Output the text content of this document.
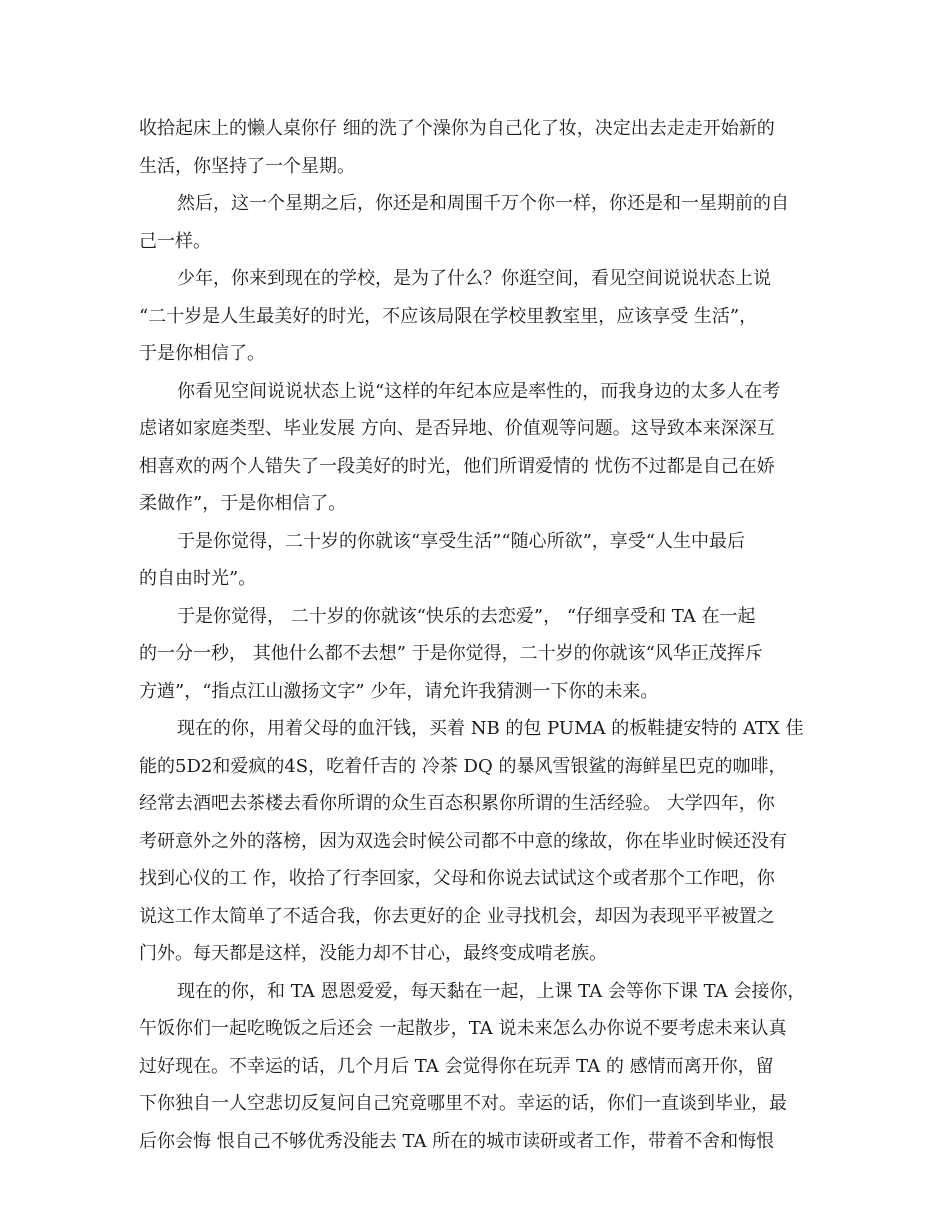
收拾起床上的懒人桌你仔 细的洗了个澡你为自己化了妆，决定出去走走开始新的
生活，你坚持了一个星期。
然后，这一个星期之后，你还是和周围千万个你一样，你还是和一星期前的自
己一样。
少年，你来到现在的学校，是为了什么？你逛空间，看见空间说说状态上说
“二十岁是人生最美好的时光，不应该局限在学校里教室里，应该享受 生活”，
于是你相信了。
你看见空间说说状态上说“这样的年纪本应是率性的，而我身边的太多人在考
虑诸如家庭类型、毕业发展 方向、是否异地、价值观等问题。这导致本来深深互
相喜欢的两个人错失了一段美好的时光，他们所谓爱情的 忧伤不过都是自己在娇
柔做作”，于是你相信了。
于是你觉得，二十岁的你就该“享受生活”“随心所欲”，享受“人生中最后
的自由时光”。
于是你觉得， 二十岁的你就该“快乐的去恋爱”， “仔细享受和 TA 在一起
的一分一秒， 其他什么都不去想” 于是你觉得，二十岁的你就该“风华正茂挥斥
方遒”，“指点江山激扬文字” 少年，请允许我猜测一下你的未来。
现在的你，用着父母的血汗钱，买着 NB 的包 PUMA 的板鞋捷安特的 ATX 佳
能的5D2和爱疯的4S，吃着仟吉的 冷茶 DQ 的暴风雪银鲨的海鲜星巴克的咖啡，
经常去酒吧去茶楼去看你所谓的众生百态积累你所谓的生活经验。 大学四年，你
考研意外之外的落榜，因为双选会时候公司都不中意的缘故，你在毕业时候还没有
找到心仪的工 作，收拾了行李回家，父母和你说去试试这个或者那个工作吧，你
说这工作太简单了不适合我，你去更好的企 业寻找机会，却因为表现平平被置之
门外。每天都是这样，没能力却不甘心，最终变成啃老族。
现在的你，和 TA 恩恩爱爱，每天黏在一起，上课 TA 会等你下课 TA 会接你，
午饭你们一起吃晚饭之后还会 一起散步，TA 说未来怎么办你说不要考虑未来认真
过好现在。不幸运的话，几个月后 TA 会觉得你在玩弄 TA 的 感情而离开你，留
下你独自一人空悲切反复问自己究竟哪里不对。幸运的话，你们一直谈到毕业，最
后你会悔 恨自己不够优秀没能去 TA 所在的城市读研或者工作，带着不舍和悔恨
